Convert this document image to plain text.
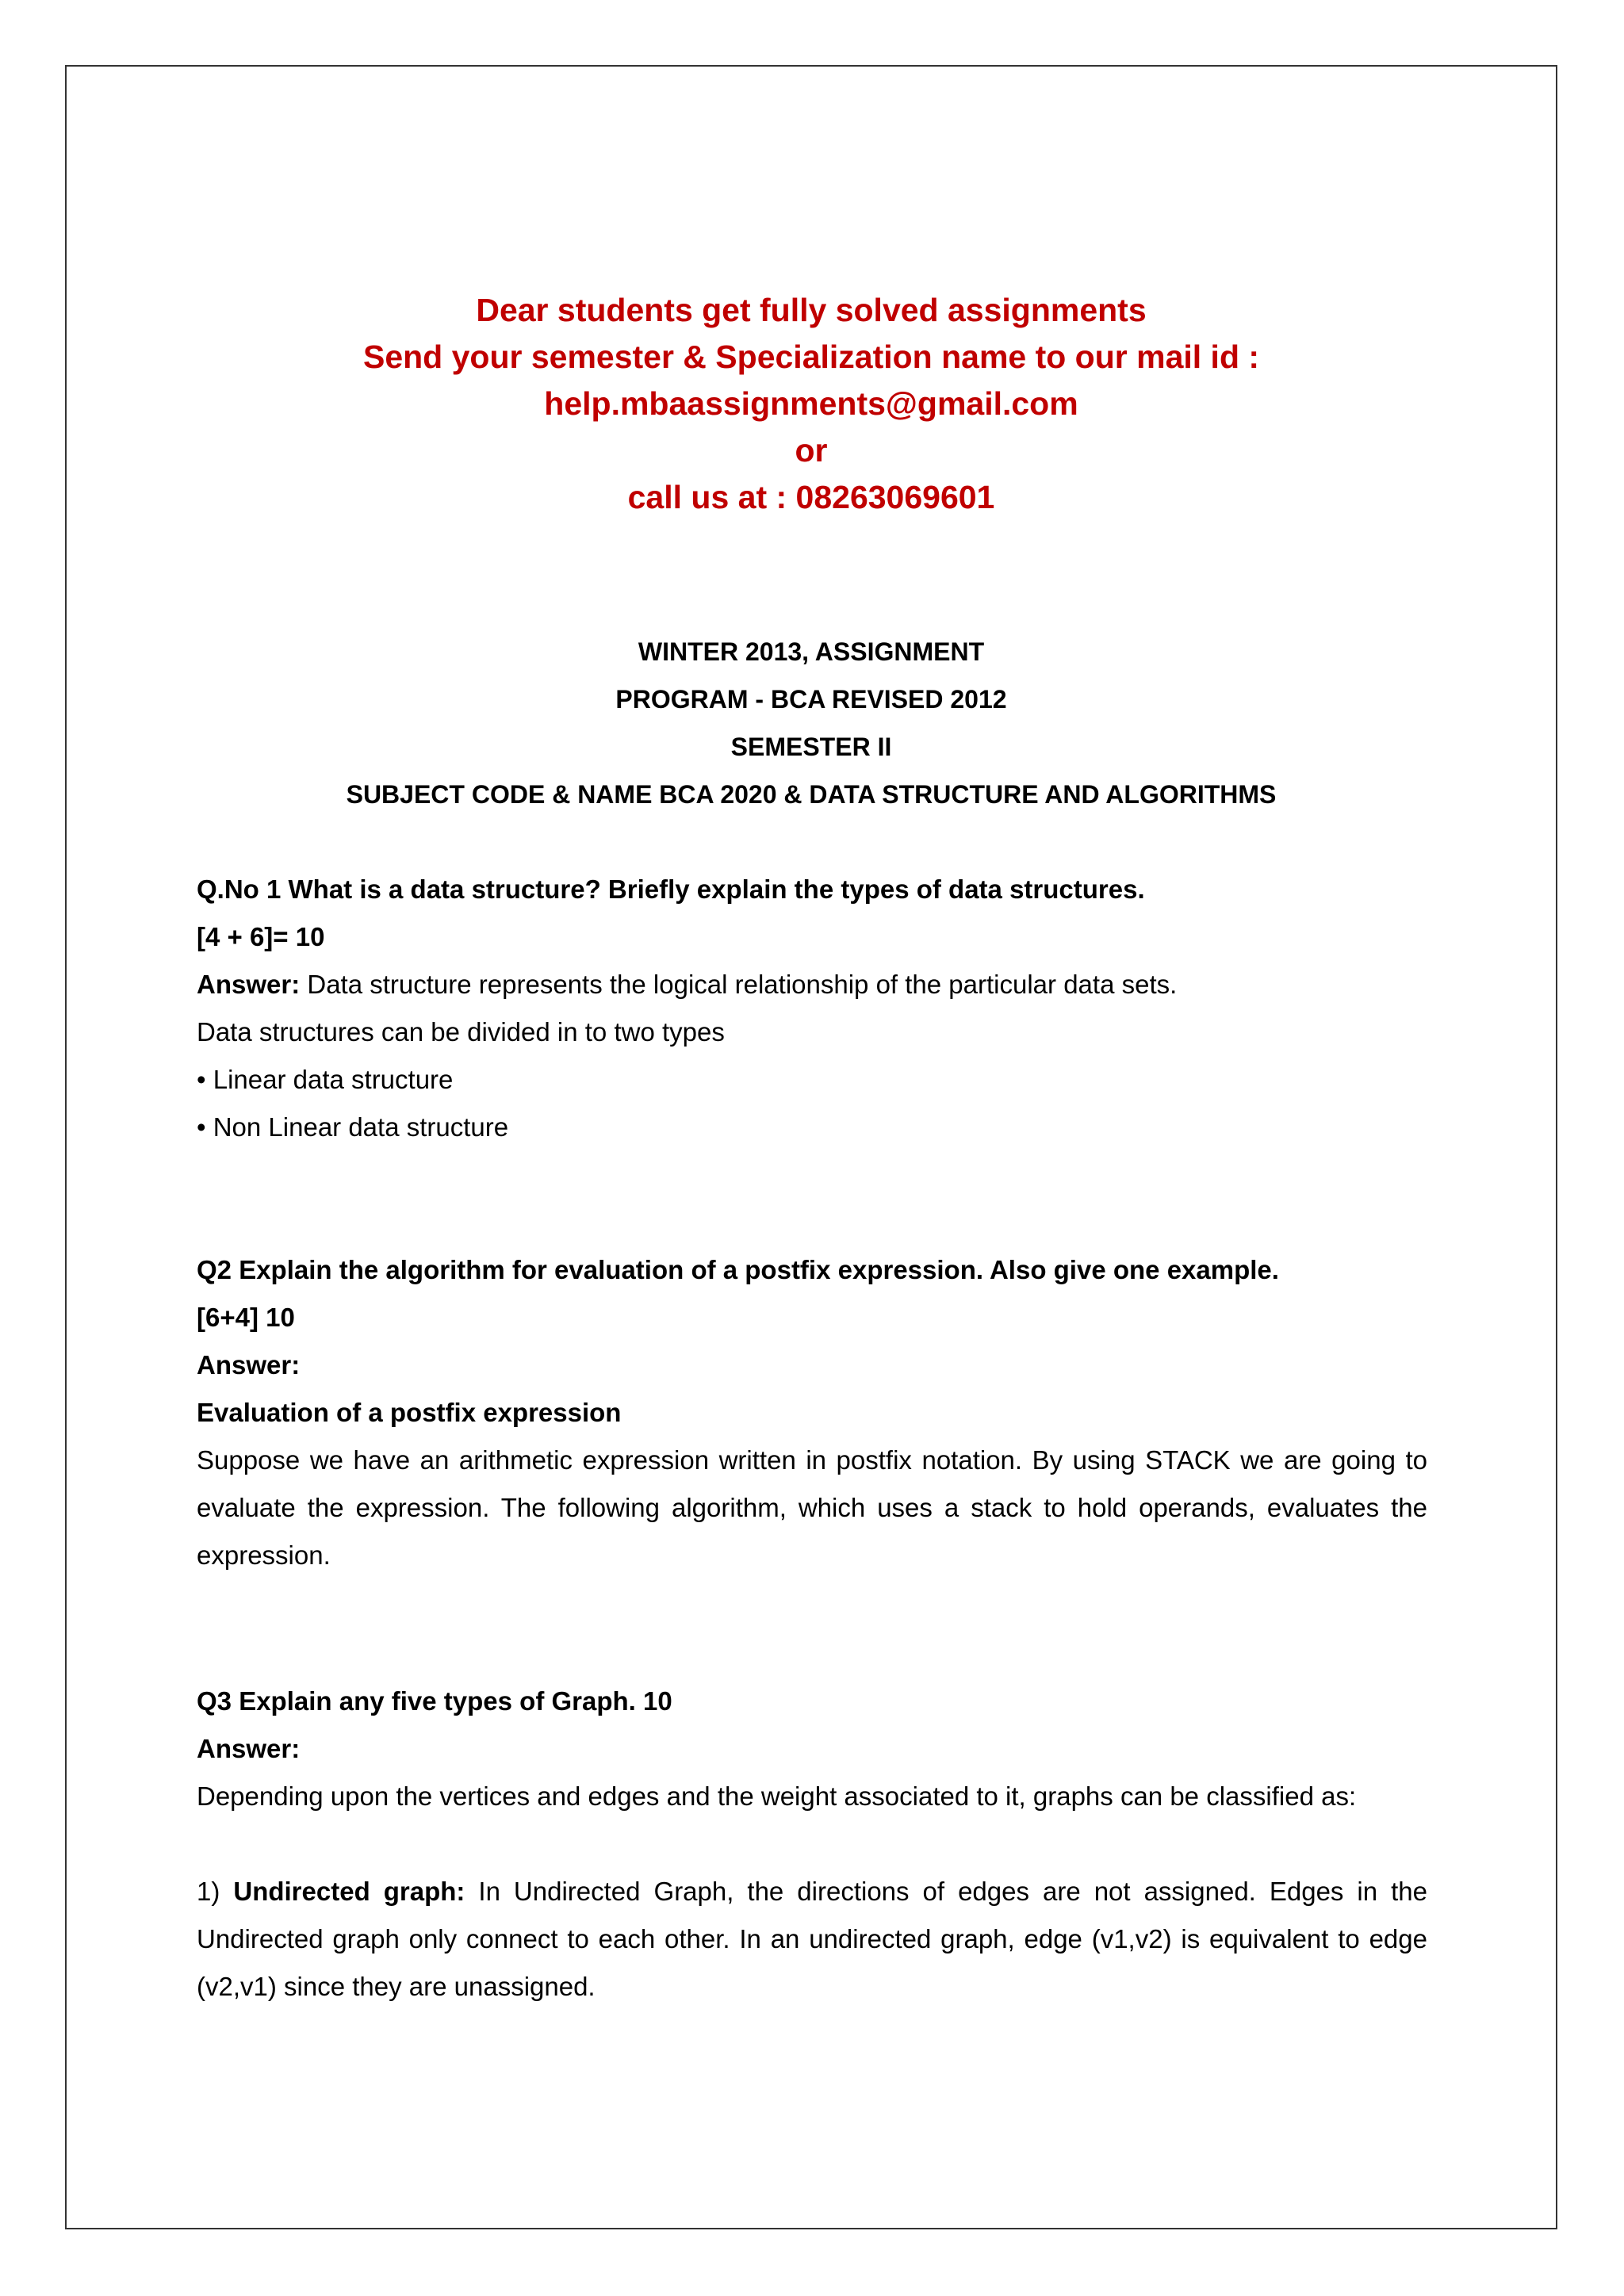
Dear students get fully solved assignments
Send your semester & Specialization name to our mail id :
help.mbaassignments@gmail.com
or
call us at : 08263069601
WINTER 2013, ASSIGNMENT
PROGRAM - BCA REVISED 2012
SEMESTER II
SUBJECT CODE & NAME BCA 2020 & DATA STRUCTURE AND ALGORITHMS
Q.No 1 What is a data structure? Briefly explain the types of data structures.
[4 + 6]= 10
Answer: Data structure represents the logical relationship of the particular data sets.
Data structures can be divided in to two types
• Linear data structure
• Non Linear data structure
Q2 Explain the algorithm for evaluation of a postfix expression. Also give one example.
[6+4] 10
Answer:
Evaluation of a postfix expression
Suppose we have an arithmetic expression written in postfix notation. By using STACK we are going to evaluate the expression. The following algorithm, which uses a stack to hold operands, evaluates the expression.
Q3 Explain any five types of Graph. 10
Answer:
Depending upon the vertices and edges and the weight associated to it, graphs can be classified as:
1) Undirected graph: In Undirected Graph, the directions of edges are not assigned. Edges in the Undirected graph only connect to each other. In an undirected graph, edge (v1,v2) is equivalent to edge (v2,v1) since they are unassigned.
